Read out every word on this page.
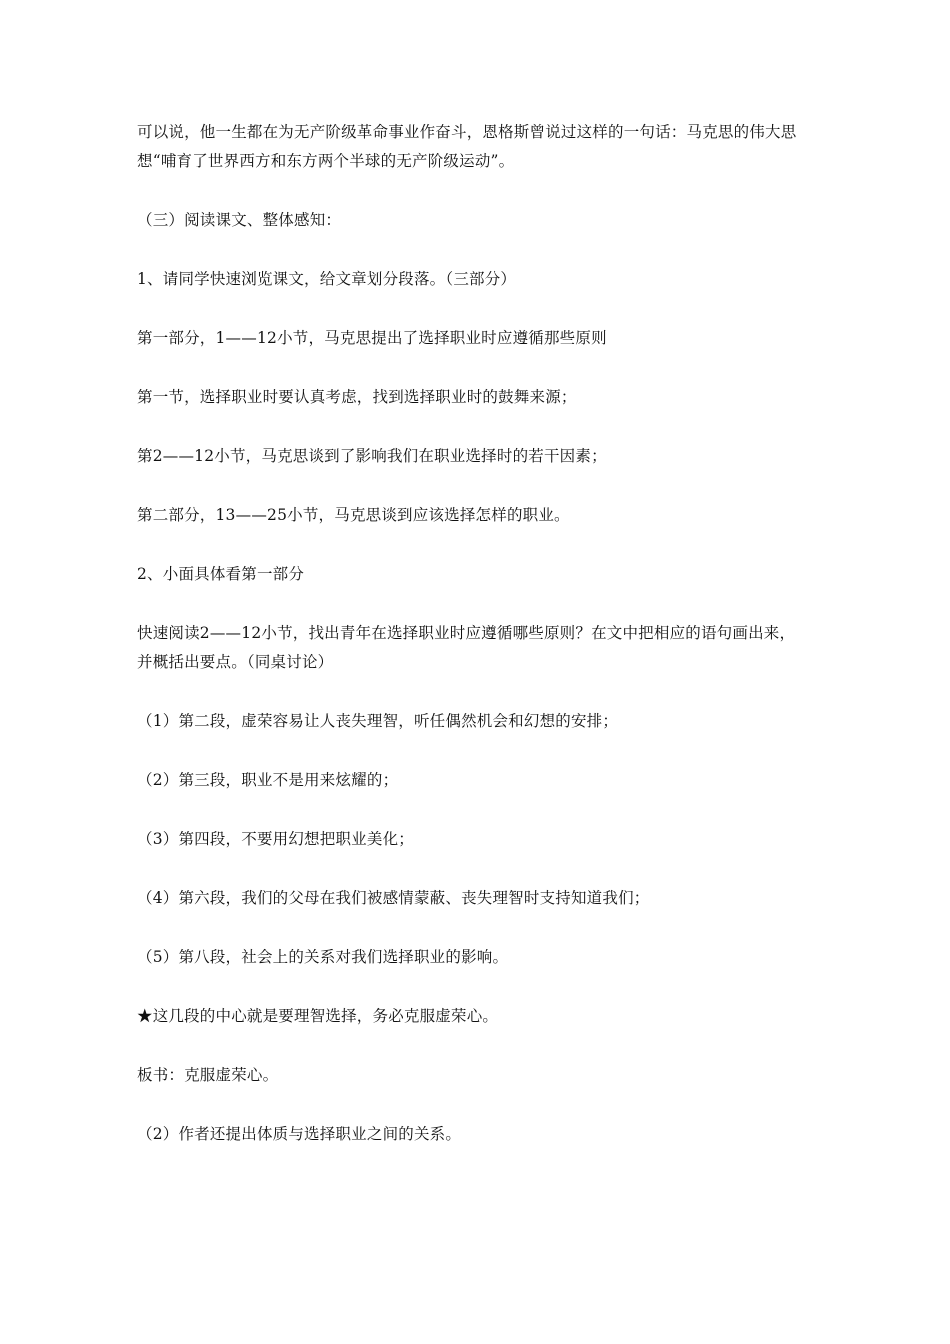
可以说，他一生都在为无产阶级革命事业作奋斗，恩格斯曾说过这样的一句话：马克思的伟大思想“哺育了世界西方和东方两个半球的无产阶级运动”。

（三）阅读课文、整体感知：

1、请同学快速浏览课文，给文章划分段落。（三部分）

第一部分，1——12小节，马克思提出了选择职业时应遵循那些原则

第一节，选择职业时要认真考虑，找到选择职业时的鼓舞来源；

第2——12小节，马克思谈到了影响我们在职业选择时的若干因素；

第二部分，13——25小节，马克思谈到应该选择怎样的职业。

2、小面具体看第一部分

快速阅读2——12小节，找出青年在选择职业时应遵循哪些原则？在文中把相应的语句画出来，并概括出要点。（同桌讨论）

（1）第二段，虚荣容易让人丧失理智，听任偶然机会和幻想的安排；

（2）第三段，职业不是用来炫耀的；

（3）第四段，不要用幻想把职业美化；

（4）第六段，我们的父母在我们被感情蒙蔽、丧失理智时支持知道我们；

（5）第八段，社会上的关系对我们选择职业的影响。

★这几段的中心就是要理智选择，务必克服虚荣心。

板书：克服虚荣心。

（2）作者还提出体质与选择职业之间的关系。
